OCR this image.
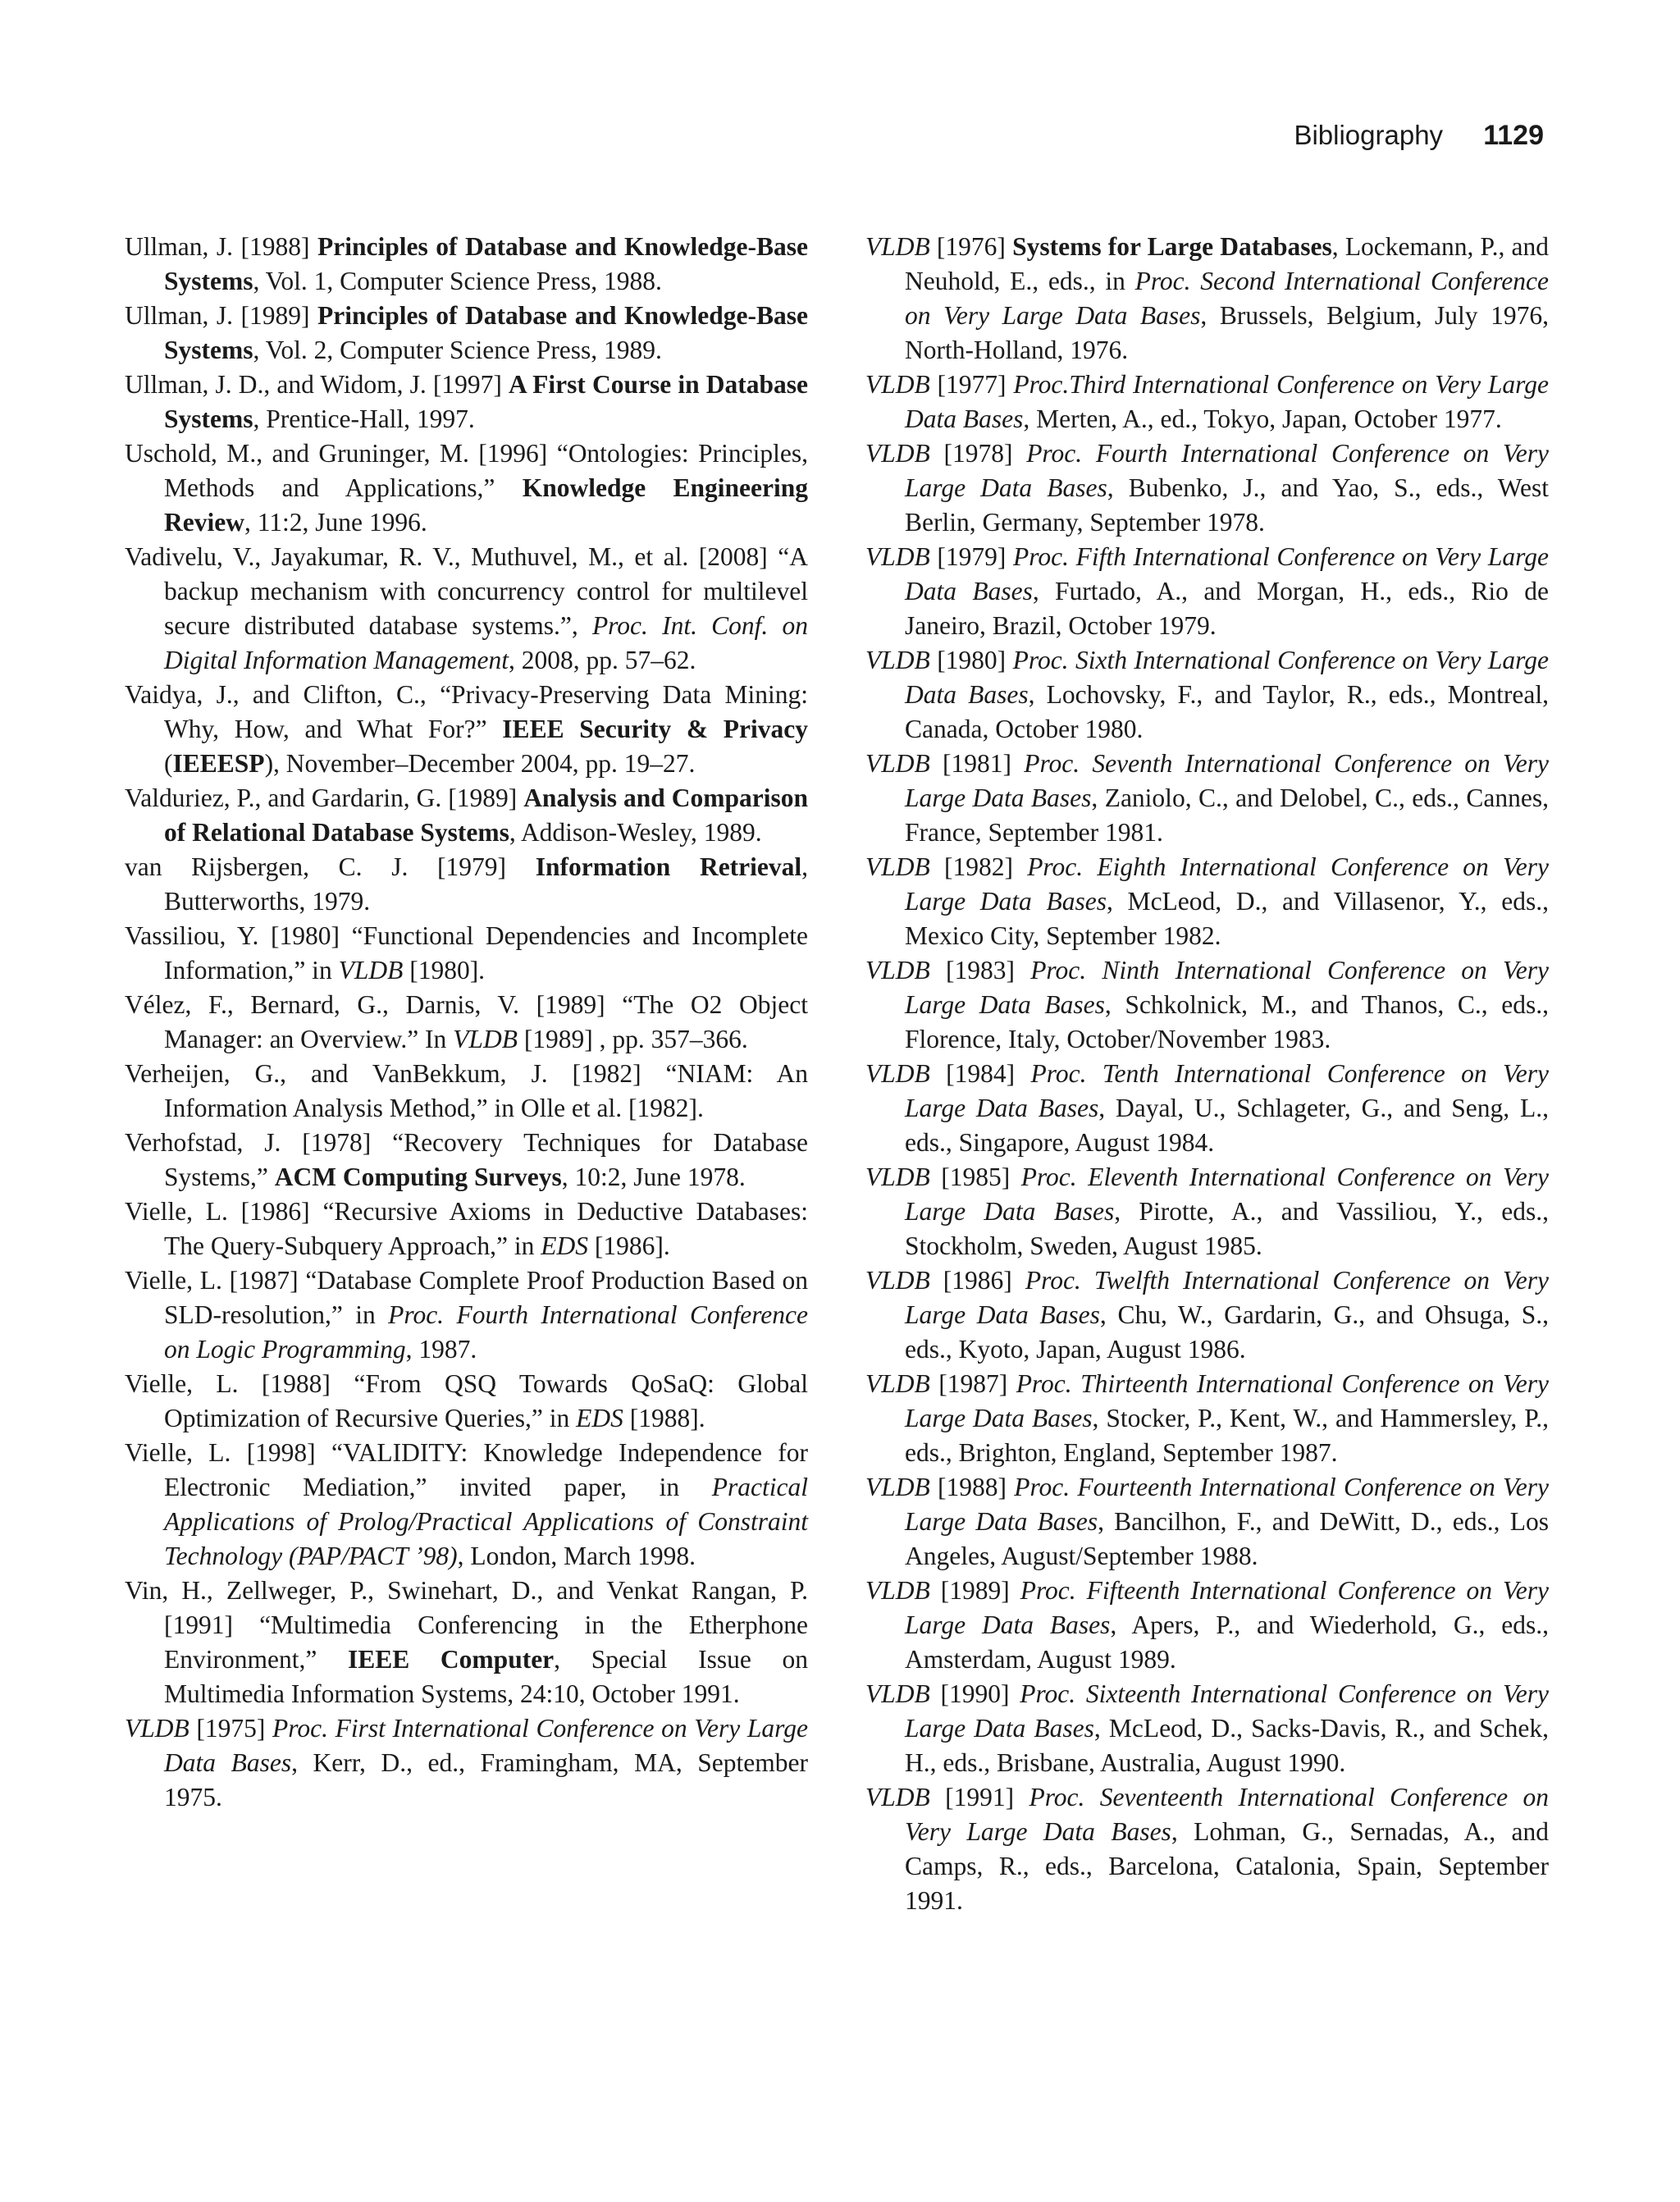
Bibliography 1129

Ullman, J. [1988] Principles of Database and Knowledge-Base Systems, Vol. 1, Computer Science Press, 1988.

Ullman, J. [1989] Principles of Database and Knowledge-Base Systems, Vol. 2, Computer Science Press, 1989.

Ullman, J. D., and Widom, J. [1997] A First Course in Database Systems, Prentice-Hall, 1997.

Uschold, M., and Gruninger, M. [1996] “Ontologies: Principles, Methods and Applications,” Knowledge Engineering Review, 11:2, June 1996.

Vadivelu, V., Jayakumar, R. V., Muthuvel, M., et al. [2008] “A backup mechanism with concurrency control for multilevel secure distributed database systems.”, Proc. Int. Conf. on Digital Information Management, 2008, pp. 57–62.

Vaidya, J., and Clifton, C., “Privacy-Preserving Data Mining: Why, How, and What For?” IEEE Security & Privacy (IEEESP), November–December 2004, pp. 19–27.

Valduriez, P., and Gardarin, G. [1989] Analysis and Comparison of Relational Database Systems, Addison-Wesley, 1989.

van Rijsbergen, C. J. [1979] Information Retrieval, Butterworths, 1979.

Vassiliou, Y. [1980] “Functional Dependencies and Incomplete Information,” in VLDB [1980].

Vélez, F., Bernard, G., Darnis, V. [1989] “The O2 Object Manager: an Overview.” In VLDB [1989] , pp. 357–366.

Verheijen, G., and VanBekkum, J. [1982] “NIAM: An Information Analysis Method,” in Olle et al. [1982].

Verhofstad, J. [1978] “Recovery Techniques for Database Systems,” ACM Computing Surveys, 10:2, June 1978.

Vielle, L. [1986] “Recursive Axioms in Deductive Databases: The Query-Subquery Approach,” in EDS [1986].

Vielle, L. [1987] “Database Complete Proof Production Based on SLD-resolution,” in Proc. Fourth International Conference on Logic Programming, 1987.

Vielle, L. [1988] “From QSQ Towards QoSaQ: Global Optimization of Recursive Queries,” in EDS [1988].

Vielle, L. [1998] “VALIDITY: Knowledge Independence for Electronic Mediation,” invited paper, in Practical Applications of Prolog/Practical Applications of Constraint Technology (PAP/PACT ’98), London, March 1998.

Vin, H., Zellweger, P., Swinehart, D., and Venkat Rangan, P. [1991] “Multimedia Conferencing in the Etherphone Environment,” IEEE Computer, Special Issue on Multimedia Information Systems, 24:10, October 1991.

VLDB [1975] Proc. First International Conference on Very Large Data Bases, Kerr, D., ed., Framingham, MA, September 1975.

VLDB [1976] Systems for Large Databases, Lockemann, P., and Neuhold, E., eds., in Proc. Second International Conference on Very Large Data Bases, Brussels, Belgium, July 1976, North-Holland, 1976.

VLDB [1977] Proc.Third International Conference on Very Large Data Bases, Merten, A., ed., Tokyo, Japan, October 1977.

VLDB [1978] Proc. Fourth International Conference on Very Large Data Bases, Bubenko, J., and Yao, S., eds., West Berlin, Germany, September 1978.

VLDB [1979] Proc. Fifth International Conference on Very Large Data Bases, Furtado, A., and Morgan, H., eds., Rio de Janeiro, Brazil, October 1979.

VLDB [1980] Proc. Sixth International Conference on Very Large Data Bases, Lochovsky, F., and Taylor, R., eds., Montreal, Canada, October 1980.

VLDB [1981] Proc. Seventh International Conference on Very Large Data Bases, Zaniolo, C., and Delobel, C., eds., Cannes, France, September 1981.

VLDB [1982] Proc. Eighth International Conference on Very Large Data Bases, McLeod, D., and Villasenor, Y., eds., Mexico City, September 1982.

VLDB [1983] Proc. Ninth International Conference on Very Large Data Bases, Schkolnick, M., and Thanos, C., eds., Florence, Italy, October/November 1983.

VLDB [1984] Proc. Tenth International Conference on Very Large Data Bases, Dayal, U., Schlageter, G., and Seng, L., eds., Singapore, August 1984.

VLDB [1985] Proc. Eleventh International Conference on Very Large Data Bases, Pirotte, A., and Vassiliou, Y., eds., Stockholm, Sweden, August 1985.

VLDB [1986] Proc. Twelfth International Conference on Very Large Data Bases, Chu, W., Gardarin, G., and Ohsuga, S., eds., Kyoto, Japan, August 1986.

VLDB [1987] Proc. Thirteenth International Conference on Very Large Data Bases, Stocker, P., Kent, W., and Hammersley, P., eds., Brighton, England, September 1987.

VLDB [1988] Proc. Fourteenth International Conference on Very Large Data Bases, Bancilhon, F., and DeWitt, D., eds., Los Angeles, August/September 1988.

VLDB [1989] Proc. Fifteenth International Conference on Very Large Data Bases, Apers, P., and Wiederhold, G., eds., Amsterdam, August 1989.

VLDB [1990] Proc. Sixteenth International Conference on Very Large Data Bases, McLeod, D., Sacks-Davis, R., and Schek, H., eds., Brisbane, Australia, August 1990.

VLDB [1991] Proc. Seventeenth International Conference on Very Large Data Bases, Lohman, G., Sernadas, A., and Camps, R., eds., Barcelona, Catalonia, Spain, September 1991.
